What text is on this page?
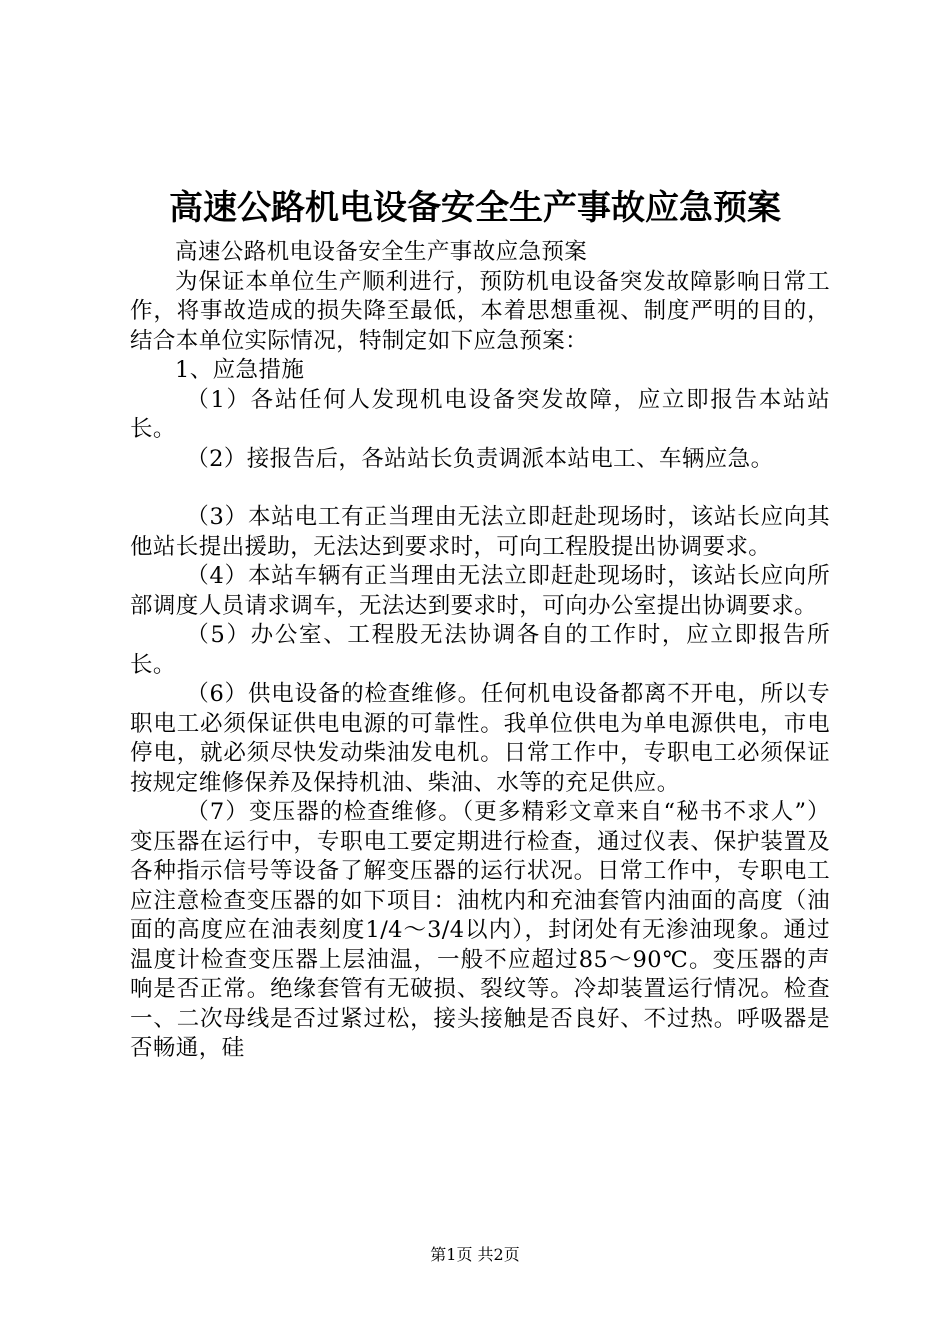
高速公路机电设备安全生产事故应急预案

高速公路机电设备安全生产事故应急预案

为保证本单位生产顺利进行，预防机电设备突发故障影响日常工作，将事故造成的损失降至最低，本着思想重视、制度严明的目的，结合本单位实际情况，特制定如下应急预案：

1、应急措施

（1）各站任何人发现机电设备突发故障，应立即报告本站站长。

（2）接报告后，各站站长负责调派本站电工、车辆应急。

（3）本站电工有正当理由无法立即赶赴现场时，该站长应向其他站长提出援助，无法达到要求时，可向工程股提出协调要求。

（4）本站车辆有正当理由无法立即赶赴现场时，该站长应向所部调度人员请求调车，无法达到要求时，可向办公室提出协调要求。

（5）办公室、工程股无法协调各自的工作时，应立即报告所长。

（6）供电设备的检查维修。任何机电设备都离不开电，所以专职电工必须保证供电电源的可靠性。我单位供电为单电源供电，市电停电，就必须尽快发动柴油发电机。日常工作中，专职电工必须保证按规定维修保养及保持机油、柴油、水等的充足供应。

（7）变压器的检查维修。（更多精彩文章来自“秘书不求人”）变压器在运行中，专职电工要定期进行检查，通过仪表、保护装置及各种指示信号等设备了解变压器的运行状况。日常工作中，专职电工应注意检查变压器的如下项目：油枕内和充油套管内油面的高度（油面的高度应在油表刻度1/4～3/4以内），封闭处有无渗油现象。通过温度计检查变压器上层油温，一般不应超过85～90℃。变压器的声响是否正常。绝缘套管有无破损、裂纹等。冷却装置运行情况。检查一、二次母线是否过紧过松，接头接触是否良好、不过热。呼吸器是否畅通，硅

第1页 共2页
